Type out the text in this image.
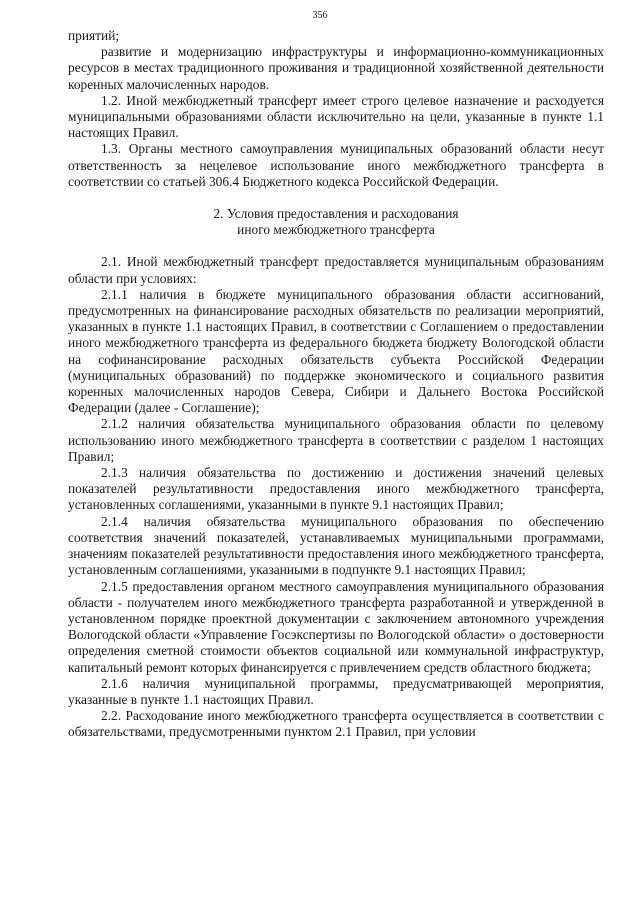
356

приятий;

развитие и модернизацию инфраструктуры и информационно-коммуникационных ресурсов в местах традиционного проживания и традиционной хозяйственной деятельности коренных малочисленных народов.

1.2. Иной межбюджетный трансферт имеет строго целевое назначение и расходуется муниципальными образованиями области исключительно на цели, указанные в пункте 1.1 настоящих Правил.

1.3. Органы местного самоуправления муниципальных образований области несут ответственность за нецелевое использование иного межбюджетного трансферта в соответствии со статьей 306.4 Бюджетного кодекса Российской Федерации.

2. Условия предоставления и расходования
иного межбюджетного трансферта

2.1. Иной межбюджетный трансферт предоставляется муниципальным образованиям области при условиях:

2.1.1 наличия в бюджете муниципального образования области ассигнований, предусмотренных на финансирование расходных обязательств по реализации мероприятий, указанных в пункте 1.1 настоящих Правил, в соответствии с Соглашением о предоставлении иного межбюджетного трансферта из федерального бюджета бюджету Вологодской области на софинансирование расходных обязательств субъекта Российской Федерации (муниципальных образований) по поддержке экономического и социального развития коренных малочисленных народов Севера, Сибири и Дальнего Востока Российской Федерации (далее - Соглашение);

2.1.2 наличия обязательства муниципального образования области по целевому использованию иного межбюджетного трансферта в соответствии с разделом 1 настоящих Правил;

2.1.3 наличия обязательства по достижению и достижения значений целевых показателей результативности предоставления иного межбюджетного трансферта, установленных соглашениями, указанными в пункте 9.1 настоящих Правил;

2.1.4 наличия обязательства муниципального образования по обеспечению соответствия значений показателей, устанавливаемых муниципальными программами, значениям показателей результативности предоставления иного межбюджетного трансферта, установленным соглашениями, указанными в подпункте 9.1 настоящих Правил;

2.1.5 предоставления органом местного самоуправления муниципального образования области - получателем иного межбюджетного трансферта разработанной и утвержденной в установленном порядке проектной документации с заключением автономного учреждения Вологодской области «Управление Госэкспертизы по Вологодской области» о достоверности определения сметной стоимости объектов социальной или коммунальной инфраструктур, капитальный ремонт которых финансируется с привлечением средств областного бюджета;

2.1.6 наличия муниципальной программы, предусматривающей мероприятия, указанные в пункте 1.1 настоящих Правил.

2.2. Расходование иного межбюджетного трансферта осуществляется в соответствии с обязательствами, предусмотренными пунктом 2.1 Правил, при условии
